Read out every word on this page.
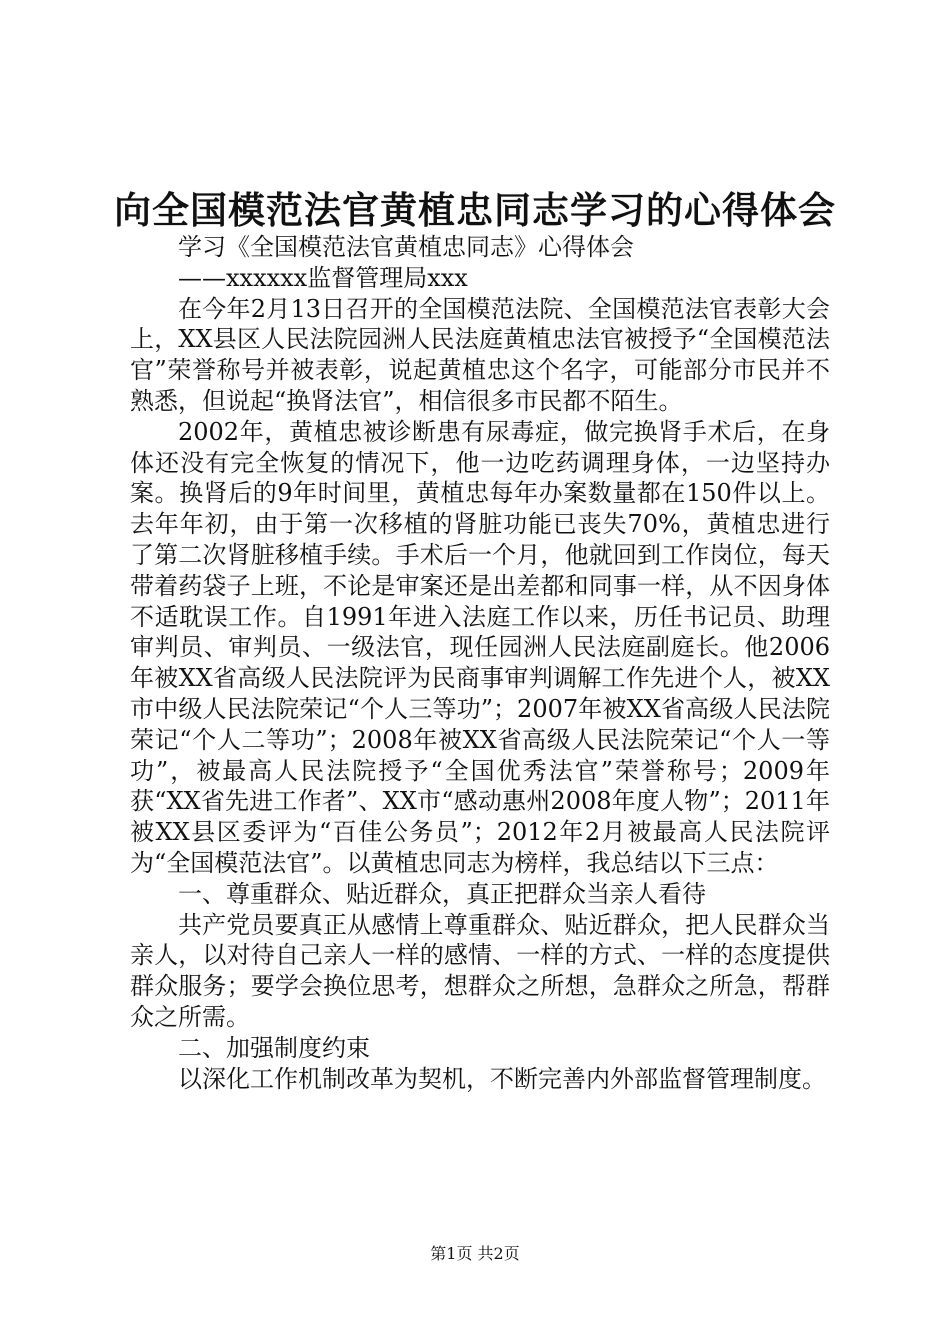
向全国模范法官黄植忠同志学习的心得体会

学习《全国模范法官黄植忠同志》心得体会

——xxxxxx监督管理局xxx

在今年2月13日召开的全国模范法院、全国模范法官表彰大会上，XX县区人民法院园洲人民法庭黄植忠法官被授予“全国模范法官”荣誉称号并被表彰，说起黄植忠这个名字，可能部分市民并不熟悉，但说起“换肾法官”，相信很多市民都不陌生。

2002年，黄植忠被诊断患有尿毒症，做完换肾手术后，在身体还没有完全恢复的情况下，他一边吃药调理身体，一边坚持办案。换肾后的9年时间里，黄植忠每年办案数量都在150件以上。去年年初，由于第一次移植的肾脏功能已丧失70%，黄植忠进行了第二次肾脏移植手续。手术后一个月，他就回到工作岗位，每天带着药袋子上班，不论是审案还是出差都和同事一样，从不因身体不适耽误工作。自1991年进入法庭工作以来，历任书记员、助理审判员、审判员、一级法官，现任园洲人民法庭副庭长。他2006年被XX省高级人民法院评为民商事审判调解工作先进个人，被XX市中级人民法院荣记“个人三等功”；2007年被XX省高级人民法院荣记“个人二等功”；2008年被XX省高级人民法院荣记“个人一等功”，被最高人民法院授予“全国优秀法官”荣誉称号；2009年获“XX省先进工作者”、XX市“感动惠州2008年度人物”；2011年被XX县区委评为“百佳公务员”；2012年2月被最高人民法院评为“全国模范法官”。以黄植忠同志为榜样，我总结以下三点：

一、尊重群众、贴近群众，真正把群众当亲人看待

共产党员要真正从感情上尊重群众、贴近群众，把人民群众当亲人，以对待自己亲人一样的感情、一样的方式、一样的态度提供群众服务；要学会换位思考，想群众之所想，急群众之所急，帮群众之所需。

二、加强制度约束

以深化工作机制改革为契机，不断完善内外部监督管理制度。

第1页 共2页
